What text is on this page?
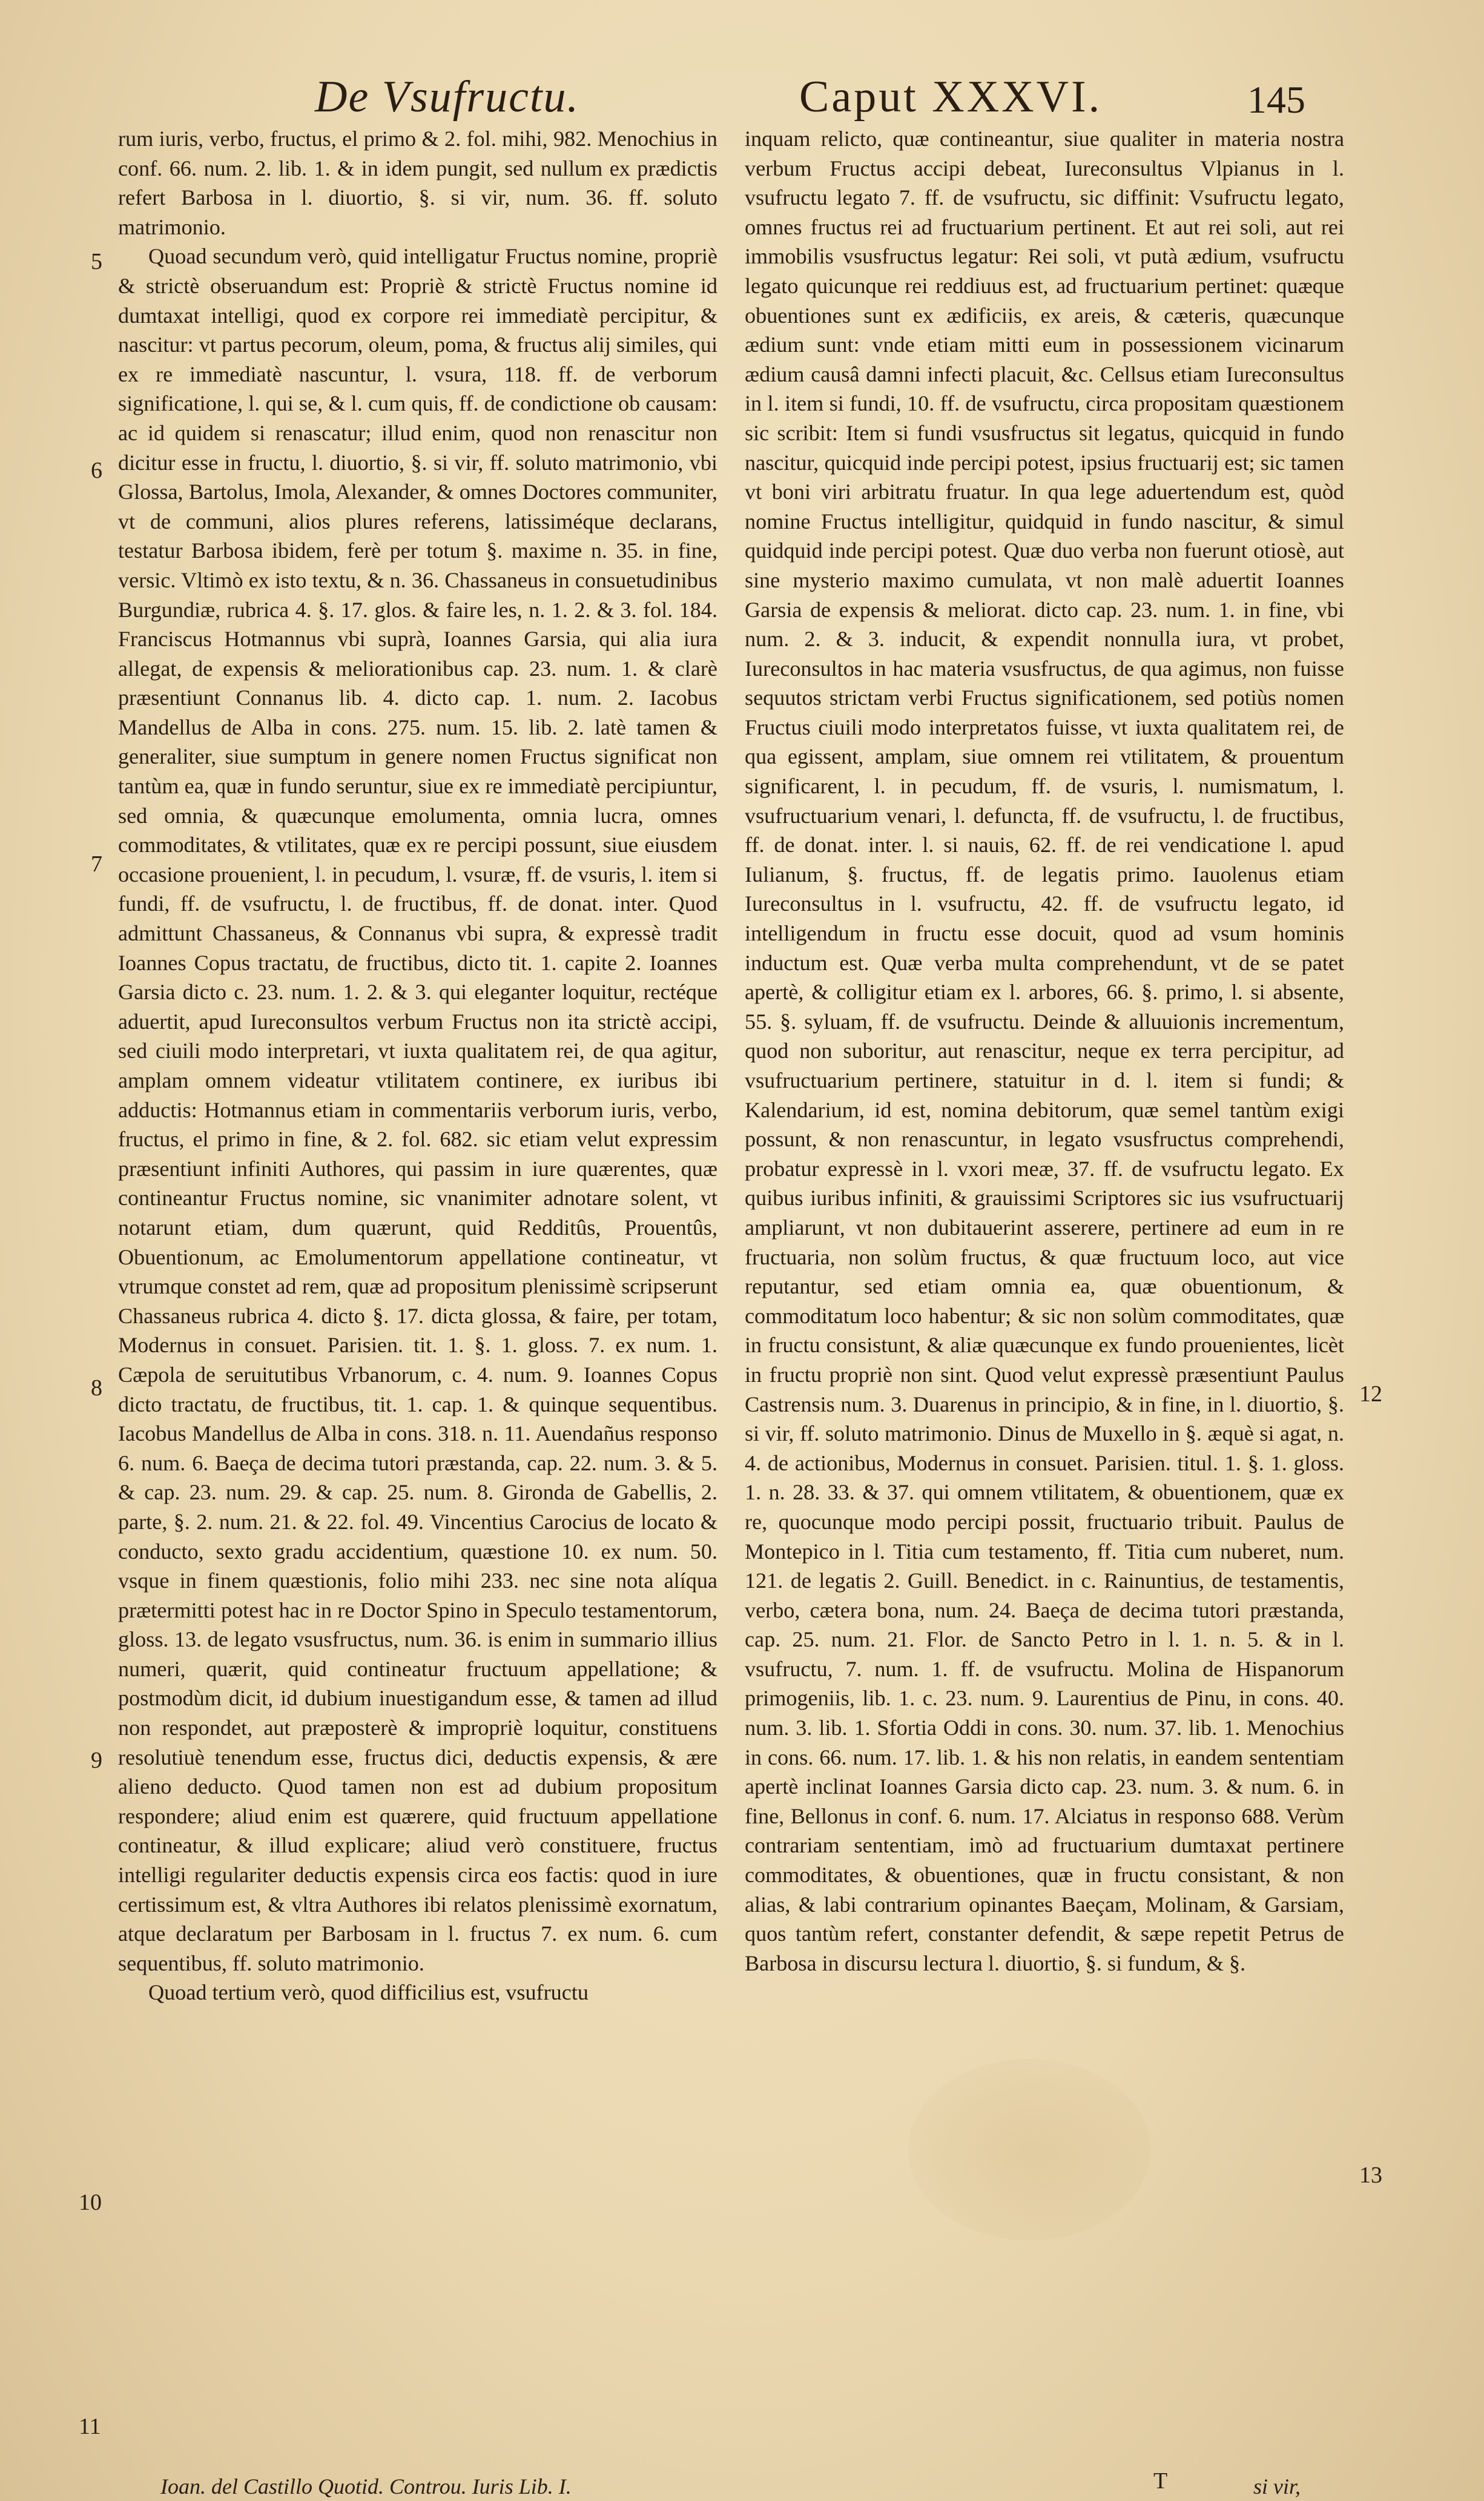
De Vsufructu.	Caput XXXVI.	145
5
6
7
8
9
10
11
12
13

rum iuris, verbo, fructus, el primo & 2. fol. mihi, 982. Menochius in conf. 66. num. 2. lib. 1. & in idem pungit, sed nullum ex prædictis refert Barbosa in l. diuortio, §. si vir, num. 36. ff. soluto matrimonio.

Quoad secundum verò, quid intelligatur Fructus nomine, propriè & strictè obseruandum est: Propriè & strictè Fructus nomine id dumtaxat intelligi, quod ex corpore rei immediatè percipitur, & nascitur: vt partus pecorum, oleum, poma, & fructus alij similes, qui ex re immediatè nascuntur, l. vsura, 118. ff. de verborum significatione, l. qui se, & l. cum quis, ff. de condictione ob causam: ac id quidem si renascatur; illud enim, quod non renascitur non dicitur esse in fructu, l. diuortio, §. si vir, ff. soluto matrimonio, vbi Glossa, Bartolus, Imola, Alexander, & omnes Doctores communiter, vt de communi, alios plures referens, latissiméque declarans, testatur Barbosa ibidem, ferè per totum §. maxime n. 35. in fine, versic. Vltimò ex isto textu, & n. 36. Chassaneus in consuetudinibus Burgundiæ, rubrica 4. §. 17. glos. & faire les, n. 1. 2. & 3. fol. 184. Franciscus Hotmannus vbi suprà, Ioannes Garsia, qui alia iura allegat, de expensis & meliorationibus cap. 23. num. 1. & clarè præsentiunt Connanus lib. 4. dicto cap. 1. num. 2. Iacobus Mandellus de Alba in cons. 275. num. 15. lib. 2. latè tamen & generaliter, siue sumptum in genere nomen Fructus significat non tantùm ea, quæ in fundo seruntur, siue ex re immediatè percipiuntur, sed omnia, & quæcunque emolumenta, omnia lucra, omnes commoditates, & vtilitates, quæ ex re percipi possunt, siue eiusdem occasione prouenient, l. in pecudum, l. vsuræ, ff. de vsuris, l. item si fundi, ff. de vsufructu, l. de fructibus, ff. de donat. inter. Quod admittunt Chassaneus, & Connanus vbi supra, & expressè tradit Ioannes Copus tractatu, de fructibus, dicto tit. 1. capite 2. Ioannes Garsia dicto c. 23. num. 1. 2. & 3. qui eleganter loquitur, rectéque aduertit, apud Iureconsultos verbum Fructus non ita strictè accipi, sed ciuili modo interpretari, vt iuxta qualitatem rei, de qua agitur, amplam omnem videatur vtilitatem continere, ex iuribus ibi adductis: Hotmannus etiam in commentariis verborum iuris, verbo, fructus, el primo in fine, & 2. fol. 682. sic etiam velut expressim præsentiunt infiniti Authores, qui passim in iure quærentes, quæ contineantur Fructus nomine, sic vnanimiter adnotare solent, vt notarunt etiam, dum quærunt, quid Redditûs, Prouentûs, Obuentionum, ac Emolumentorum appellatione contineatur, vt vtrumque constet ad rem, quæ ad propositum plenissimè scripserunt Chassaneus rubrica 4. dicto §. 17. dicta glossa, & faire, per totam, Modernus in consuet. Parisien. tit. 1. §. 1. gloss. 7. ex num. 1. Cæpola de seruitutibus Vrbanorum, c. 4. num. 9. Ioannes Copus dicto tractatu, de fructibus, tit. 1. cap. 1. & quinque sequentibus. Iacobus Mandellus de Alba in cons. 318. n. 11. Auendañus responso 6. num. 6. Baeça de decima tutori præstanda, cap. 22. num. 3. & 5. & cap. 23. num. 29. & cap. 25. num. 8. Gironda de Gabellis, 2. parte, §. 2. num. 21. & 22. fol. 49. Vincentius Carocius de locato & conducto, sexto gradu accidentium, quæstione 10. ex num. 50. vsque in finem quæstionis, folio mihi 233. nec sine nota alíqua prætermitti potest hac in re Doctor Spino in Speculo testamentorum, gloss. 13. de legato vsusfructus, num. 36. is enim in summario illius numeri, quærit, quid contineatur fructuum appellatione; & postmodùm dicit, id dubium inuestigandum esse, & tamen ad illud non respondet, aut præposterè & impropriè loquitur, constituens resolutiuè tenendum esse, fructus dici, deductis expensis, & ære alieno deducto. Quod tamen non est ad dubium propositum respondere; aliud enim est quærere, quid fructuum appellatione contineatur, & illud explicare; aliud verò constituere, fructus intelligi regulariter deductis expensis circa eos factis: quod in iure certissimum est, & vltra Authores ibi relatos plenissimè exornatum, atque declaratum per Barbosam in l. fructus 7. ex num. 6. cum sequentibus, ff. soluto matrimonio.

Quoad tertium verò, quod difficilius est, vsufructu

inquam relicto, quæ contineantur, siue qualiter in materia nostra verbum Fructus accipi debeat, Iureconsultus Vlpianus in l. vsufructu legato 7. ff. de vsufructu, sic diffinit: Vsufructu legato, omnes fructus rei ad fructuarium pertinent. Et aut rei soli, aut rei immobilis vsusfructus legatur: Rei soli, vt putà ædium, vsufructu legato quicunque rei reddiuus est, ad fructuarium pertinet: quæque obuentiones sunt ex ædificiis, ex areis, & cæteris, quæcunque ædium sunt: vnde etiam mitti eum in possessionem vicinarum ædium causâ damni infecti placuit, &c. Cellsus etiam Iureconsultus in l. item si fundi, 10. ff. de vsufructu, circa propositam quæstionem sic scribit: Item si fundi vsusfructus sit legatus, quicquid in fundo nascitur, quicquid inde percipi potest, ipsius fructuarij est; sic tamen vt boni viri arbitratu fruatur. In qua lege aduertendum est, quòd nomine Fructus intelligitur, quidquid in fundo nascitur, & simul quidquid inde percipi potest. Quæ duo verba non fuerunt otiosè, aut sine mysterio maximo cumulata, vt non malè aduertit Ioannes Garsia de expensis & meliorat. dicto cap. 23. num. 1. in fine, vbi num. 2. & 3. inducit, & expendit nonnulla iura, vt probet, Iureconsultos in hac materia vsusfructus, de qua agimus, non fuisse sequutos strictam verbi Fructus significationem, sed potiùs nomen Fructus ciuili modo interpretatos fuisse, vt iuxta qualitatem rei, de qua egissent, amplam, siue omnem rei vtilitatem, & prouentum significarent, l. in pecudum, ff. de vsuris, l. numismatum, l. vsufructuarium venari, l. defuncta, ff. de vsufructu, l. de fructibus, ff. de donat. inter. l. si nauis, 62. ff. de rei vendicatione l. apud Iulianum, §. fructus, ff. de legatis primo. Iauolenus etiam Iureconsultus in l. vsufructu, 42. ff. de vsufructu legato, id intelligendum in fructu esse docuit, quod ad vsum hominis inductum est. Quæ verba multa comprehendunt, vt de se patet apertè, & colligitur etiam ex l. arbores, 66. §. primo, l. si absente, 55. §. syluam, ff. de vsufructu. Deinde & alluuionis incrementum, quod non suboritur, aut renascitur, neque ex terra percipitur, ad vsufructuarium pertinere, statuitur in d. l. item si fundi; & Kalendarium, id est, nomina debitorum, quæ semel tantùm exigi possunt, & non renascuntur, in legato vsusfructus comprehendi, probatur expressè in l. vxori meæ, 37. ff. de vsufructu legato. Ex quibus iuribus infiniti, & grauissimi Scriptores sic ius vsufructuarij ampliarunt, vt non dubitauerint asserere, pertinere ad eum in re fructuaria, non solùm fructus, & quæ fructuum loco, aut vice reputantur, sed etiam omnia ea, quæ obuentionum, & commoditatum loco habentur; & sic non solùm commoditates, quæ in fructu consistunt, & aliæ quæcunque ex fundo prouenientes, licèt in fructu propriè non sint. Quod velut expressè præsentiunt Paulus Castrensis num. 3. Duarenus in principio, & in fine, in l. diuortio, §. si vir, ff. soluto matrimonio. Dinus de Muxello in §. æquè si agat, n. 4. de actionibus, Modernus in consuet. Parisien. titul. 1. §. 1. gloss. 1. n. 28. 33. & 37. qui omnem vtilitatem, & obuentionem, quæ ex re, quocunque modo percipi possit, fructuario tribuit. Paulus de Montepico in l. Titia cum testamento, ff. Titia cum nuberet, num. 121. de legatis 2. Guill. Benedict. in c. Rainuntius, de testamentis, verbo, cætera bona, num. 24. Baeça de decima tutori præstanda, cap. 25. num. 21. Flor. de Sancto Petro in l. 1. n. 5. & in l. vsufructu, 7. num. 1. ff. de vsufructu. Molina de Hispanorum primogeniis, lib. 1. c. 23. num. 9. Laurentius de Pinu, in cons. 40. num. 3. lib. 1. Sfortia Oddi in cons. 30. num. 37. lib. 1. Menochius in cons. 66. num. 17. lib. 1. & his non relatis, in eandem sententiam apertè inclinat Ioannes Garsia dicto cap. 23. num. 3. & num. 6. in fine, Bellonus in conf. 6. num. 17. Alciatus in responso 688. Verùm contrariam sententiam, imò ad fructuarium dumtaxat pertinere commoditates, & obuentiones, quæ in fructu consistant, & non alias, & labi contrarium opinantes Baeçam, Molinam, & Garsiam, quos tantùm refert, constanter defendit, & sæpe repetit Petrus de Barbosa in discursu lectura l. diuortio, §. si fundum, & §.

Ioan. del Castillo Quotid. Controu. Iuris Lib. I.	T	si vir,
